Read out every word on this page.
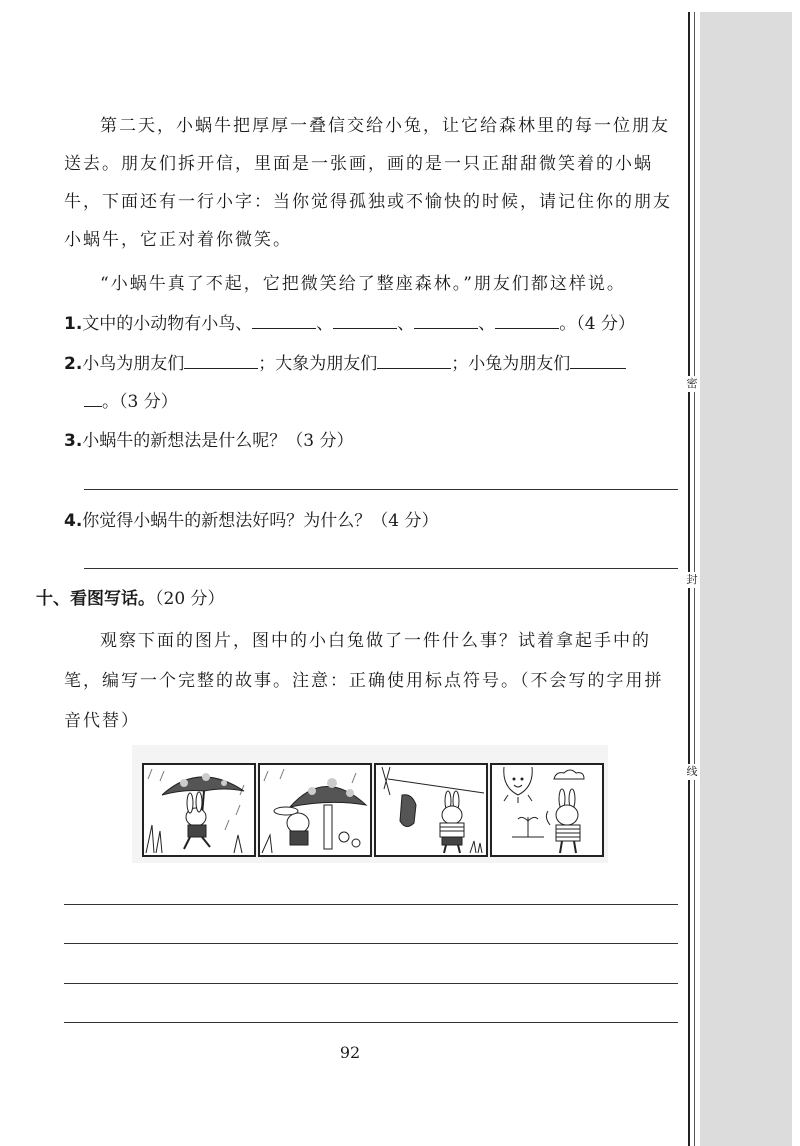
密
封
线
第二天，小蜗牛把厚厚一叠信交给小兔，让它给森林里的每一位朋友送去。朋友们拆开信，里面是一张画，画的是一只正甜甜微笑着的小蜗牛，下面还有一行小字：当你觉得孤独或不愉快的时候，请记住你的朋友小蜗牛，它正对着你微笑。
“小蜗牛真了不起，它把微笑给了整座森林。”朋友们都这样说。
1.文中的小动物有小鸟、	、	、	、	。（4 分）
2.小鸟为朋友们	；大象为朋友们	；小兔为朋友们
。（3 分）
3.小蜗牛的新想法是什么呢？（3 分）
4.你觉得小蜗牛的新想法好吗？为什么？（4 分）
十、看图写话。（20 分）
观察下面的图片，图中的小白兔做了一件什么事？试着拿起手中的笔，编写一个完整的故事。注意：正确使用标点符号。（不会写的字用拼音代替）
92
